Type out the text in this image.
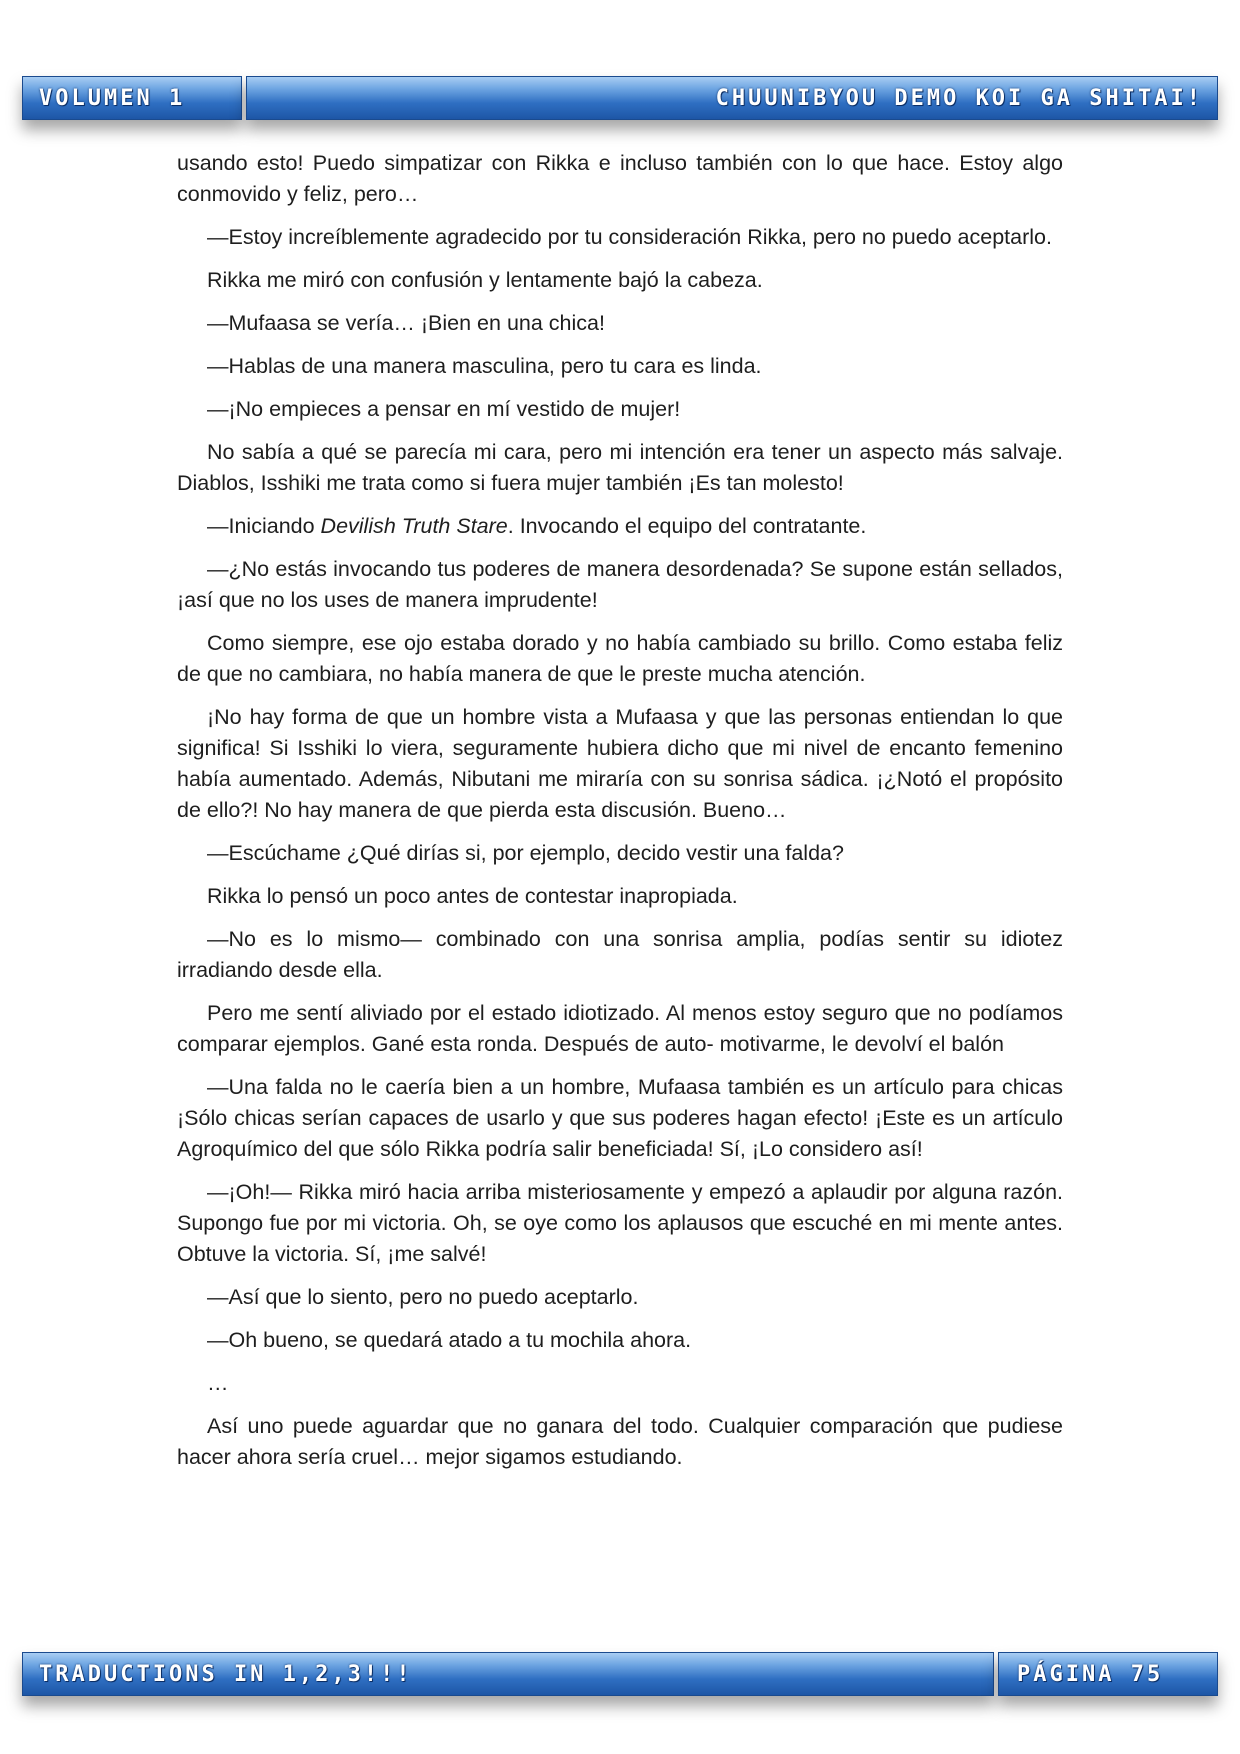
VOLUMEN 1	CHUUNIBYOU DEMO KOI GA SHITAI!

usando esto! Puedo simpatizar con Rikka e incluso también con lo que hace. Estoy algo conmovido y feliz, pero…

—Estoy increíblemente agradecido por tu consideración Rikka, pero no puedo aceptarlo.

Rikka me miró con confusión y lentamente bajó la cabeza.

—Mufaasa se vería… ¡Bien en una chica!

—Hablas de una manera masculina, pero tu cara es linda.

—¡No empieces a pensar en mí vestido de mujer!

No sabía a qué se parecía mi cara, pero mi intención era tener un aspecto más salvaje. Diablos, Isshiki me trata como si fuera mujer también ¡Es tan molesto!

—Iniciando Devilish Truth Stare. Invocando el equipo del contratante.

—¿No estás invocando tus poderes de manera desordenada? Se supone están sellados, ¡así que no los uses de manera imprudente!

Como siempre, ese ojo estaba dorado y no había cambiado su brillo. Como estaba feliz de que no cambiara, no había manera de que le preste mucha atención.

¡No hay forma de que un hombre vista a Mufaasa y que las personas entiendan lo que significa! Si Isshiki lo viera, seguramente hubiera dicho que mi nivel de encanto femenino había aumentado. Además, Nibutani me miraría con su sonrisa sádica. ¡¿Notó el propósito de ello?! No hay manera de que pierda esta discusión. Bueno…

—Escúchame ¿Qué dirías si, por ejemplo, decido vestir una falda?

Rikka lo pensó un poco antes de contestar inapropiada.

—No es lo mismo— combinado con una sonrisa amplia, podías sentir su idiotez irradiando desde ella.

Pero me sentí aliviado por el estado idiotizado. Al menos estoy seguro que no podíamos comparar ejemplos. Gané esta ronda. Después de auto- motivarme, le devolví el balón

—Una falda no le caería bien a un hombre, Mufaasa también es un artículo para chicas ¡Sólo chicas serían capaces de usarlo y que sus poderes hagan efecto! ¡Este es un artículo Agroquímico del que sólo Rikka podría salir beneficiada! Sí, ¡Lo considero así!

—¡Oh!— Rikka miró hacia arriba misteriosamente y empezó a aplaudir por alguna razón. Supongo fue por mi victoria. Oh, se oye como los aplausos que escuché en mi mente antes. Obtuve la victoria. Sí, ¡me salvé!

—Así que lo siento, pero no puedo aceptarlo.

—Oh bueno, se quedará atado a tu mochila ahora.

…

Así uno puede aguardar que no ganara del todo. Cualquier comparación que pudiese hacer ahora sería cruel… mejor sigamos estudiando.

TRADUCTIONS IN 1,2,3!!!	PÁGINA 75
